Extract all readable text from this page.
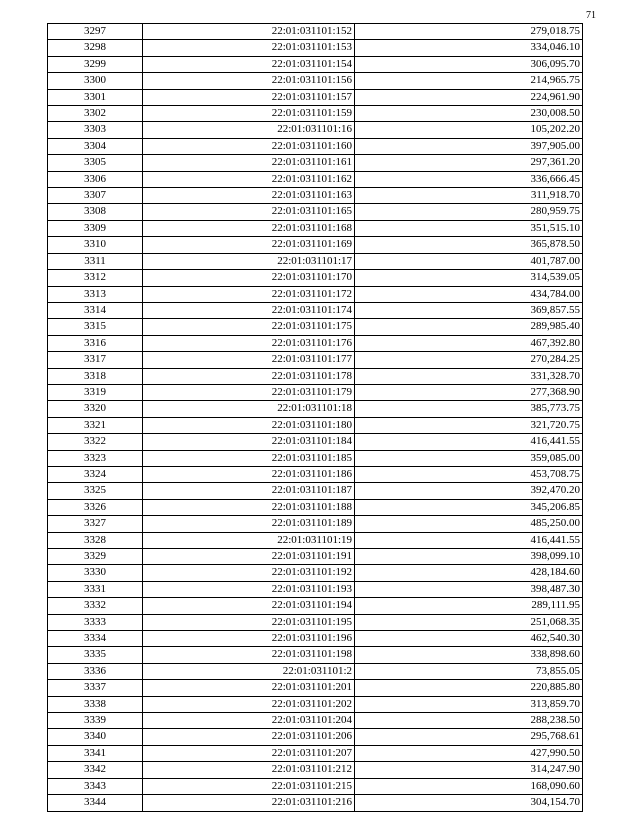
71
3297	22:01:031101:152	279,018.75
3298	22:01:031101:153	334,046.10
3299	22:01:031101:154	306,095.70
3300	22:01:031101:156	214,965.75
3301	22:01:031101:157	224,961.90
3302	22:01:031101:159	230,008.50
3303	22:01:031101:16	105,202.20
3304	22:01:031101:160	397,905.00
3305	22:01:031101:161	297,361.20
3306	22:01:031101:162	336,666.45
3307	22:01:031101:163	311,918.70
3308	22:01:031101:165	280,959.75
3309	22:01:031101:168	351,515.10
3310	22:01:031101:169	365,878.50
3311	22:01:031101:17	401,787.00
3312	22:01:031101:170	314,539.05
3313	22:01:031101:172	434,784.00
3314	22:01:031101:174	369,857.55
3315	22:01:031101:175	289,985.40
3316	22:01:031101:176	467,392.80
3317	22:01:031101:177	270,284.25
3318	22:01:031101:178	331,328.70
3319	22:01:031101:179	277,368.90
3320	22:01:031101:18	385,773.75
3321	22:01:031101:180	321,720.75
3322	22:01:031101:184	416,441.55
3323	22:01:031101:185	359,085.00
3324	22:01:031101:186	453,708.75
3325	22:01:031101:187	392,470.20
3326	22:01:031101:188	345,206.85
3327	22:01:031101:189	485,250.00
3328	22:01:031101:19	416,441.55
3329	22:01:031101:191	398,099.10
3330	22:01:031101:192	428,184.60
3331	22:01:031101:193	398,487.30
3332	22:01:031101:194	289,111.95
3333	22:01:031101:195	251,068.35
3334	22:01:031101:196	462,540.30
3335	22:01:031101:198	338,898.60
3336	22:01:031101:2	73,855.05
3337	22:01:031101:201	220,885.80
3338	22:01:031101:202	313,859.70
3339	22:01:031101:204	288,238.50
3340	22:01:031101:206	295,768.61
3341	22:01:031101:207	427,990.50
3342	22:01:031101:212	314,247.90
3343	22:01:031101:215	168,090.60
3344	22:01:031101:216	304,154.70
